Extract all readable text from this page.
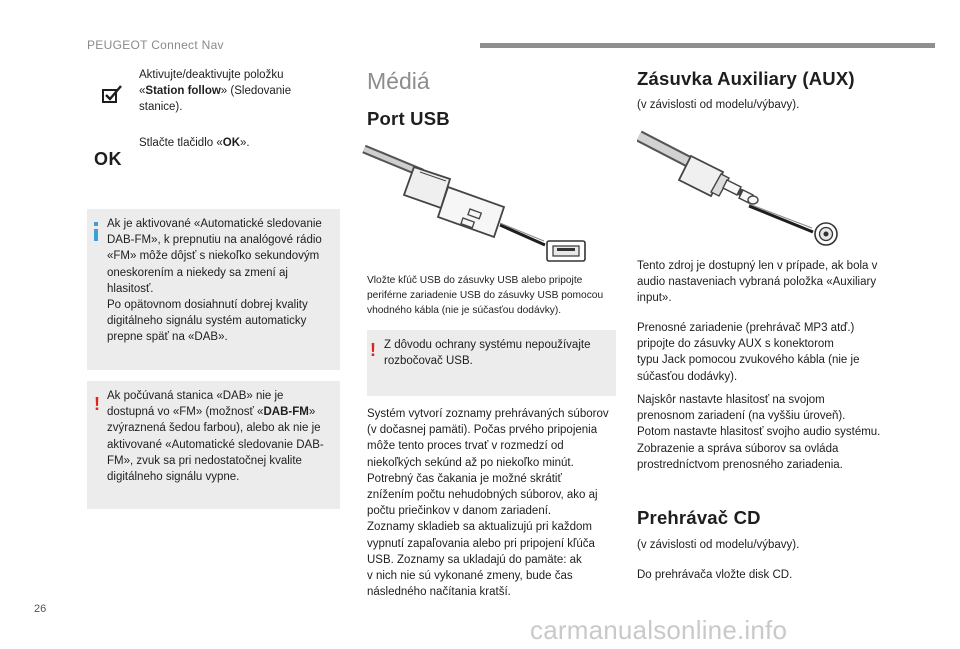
PEUGEOT Connect Nav

Aktivujte/deaktivujte položku

«Station follow» (Sledovanie

stanice).

OK

Stlačte tlačidlo «OK».

Ak je aktivované «Automatické sledovanie

DAB-FM», k prepnutiu na analógové rádio

«FM» môže dôjsť s niekoľko sekundovým

oneskorením a niekedy sa zmení aj

hlasitosť.

Po opätovnom dosiahnutí dobrej kvality

digitálneho signálu systém automaticky

prepne späť na «DAB».

! Ak počúvaná stanica «DAB» nie je

dostupná vo «FM» (možnosť «DAB-FM»

zvýraznená šedou farbou), alebo ak nie je

aktivované «Automatické sledovanie DAB-

FM», zvuk sa pri nedostatočnej kvalite

digitálneho signálu vypne.

Médiá
Port USB

Vložte kľúč USB do zásuvky USB alebo pripojte

periférne zariadenie USB do zásuvky USB pomocou

vhodného kábla (nie je súčasťou dodávky).

! Z dôvodu ochrany systému nepoužívajte

rozbočovač USB.

Systém vytvorí zoznamy prehrávaných súborov

(v dočasnej pamäti). Počas prvého pripojenia

môže tento proces trvať v rozmedzí od

niekoľkých sekúnd až po niekoľko minút.

Potrebný čas čakania je možné skrátiť

znížením počtu nehudobných súborov, ako aj

počtu priečinkov v danom zariadení.

Zoznamy skladieb sa aktualizujú pri každom

vypnutí zapaľovania alebo pri pripojení kľúča

USB. Zoznamy sa ukladajú do pamäte: ak

v nich nie sú vykonané zmeny, bude čas

následného načítania kratší.

Zásuvka Auxiliary (AUX)
(v závislosti od modelu/výbavy).

Tento zdroj je dostupný len v prípade, ak bola v

audio nastaveniach vybraná položka «Auxiliary

input».

Prenosné zariadenie (prehrávač MP3 atď.)

pripojte do zásuvky AUX s konektorom

typu Jack pomocou zvukového kábla (nie je

súčasťou dodávky).

Najskôr nastavte hlasitosť na svojom

prenosnom zariadení (na vyššiu úroveň).

Potom nastavte hlasitosť svojho audio systému.

Zobrazenie a správa súborov sa ovláda

prostredníctvom prenosného zariadenia.

Prehrávač CD
(v závislosti od modelu/výbavy).
Do prehrávača vložte disk CD.
26
carmanualsonline.info
